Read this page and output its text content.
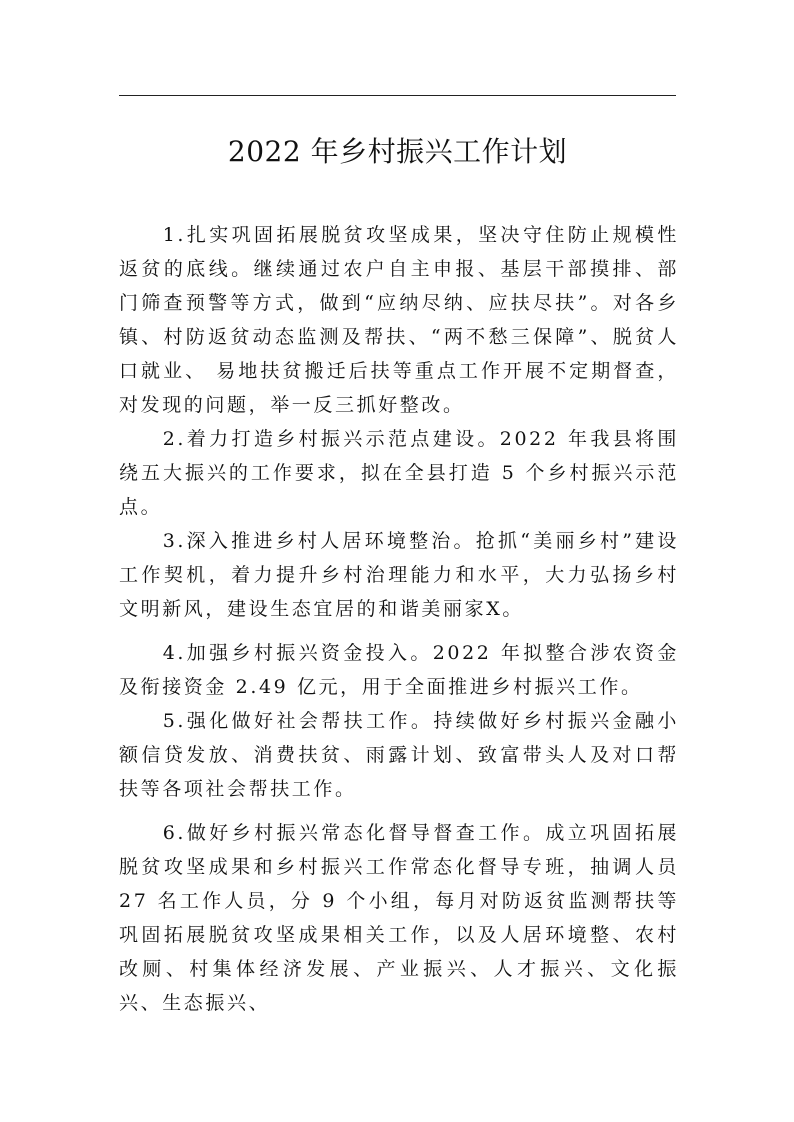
2022 年乡村振兴工作计划

1.扎实巩固拓展脱贫攻坚成果，坚决守住防止规模性返贫的底线。继续通过农户自主申报、基层干部摸排、部门筛查预警等方式，做到“应纳尽纳、应扶尽扶”。对各乡镇、村防返贫动态监测及帮扶、“两不愁三保障”、脱贫人口就业、 易地扶贫搬迁后扶等重点工作开展不定期督查，对发现的问题，举一反三抓好整改。

2.着力打造乡村振兴示范点建设。2022 年我县将围绕五大振兴的工作要求，拟在全县打造 5 个乡村振兴示范点。

3.深入推进乡村人居环境整治。抢抓“美丽乡村”建设工作契机，着力提升乡村治理能力和水平，大力弘扬乡村文明新风，建设生态宜居的和谐美丽家X。

4.加强乡村振兴资金投入。2022 年拟整合涉农资金及衔接资金 2.49 亿元，用于全面推进乡村振兴工作。

5.强化做好社会帮扶工作。持续做好乡村振兴金融小额信贷发放、消费扶贫、雨露计划、致富带头人及对口帮扶等各项社会帮扶工作。

6.做好乡村振兴常态化督导督查工作。成立巩固拓展脱贫攻坚成果和乡村振兴工作常态化督导专班，抽调人员 27 名工作人员，分 9 个小组，每月对防返贫监测帮扶等巩固拓展脱贫攻坚成果相关工作，以及人居环境整、农村改厕、村集体经济发展、产业振兴、人才振兴、文化振兴、生态振兴、
